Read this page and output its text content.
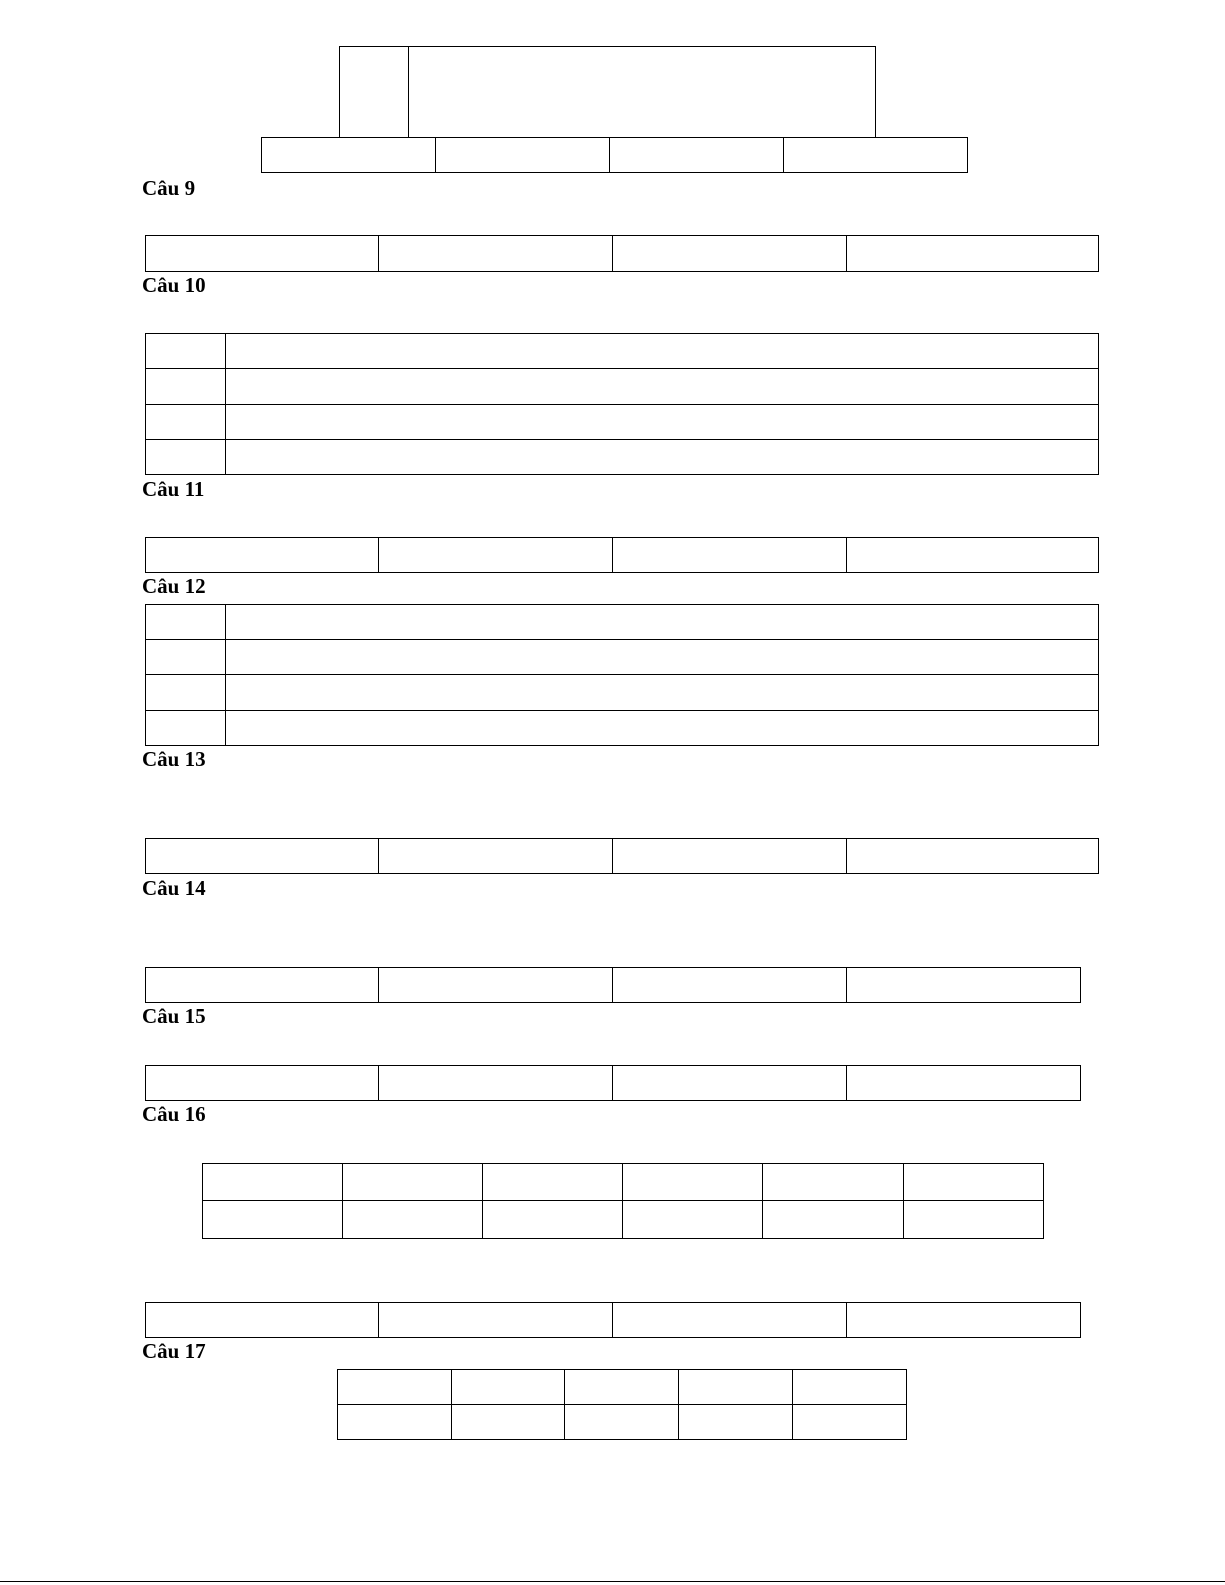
Câu 9
Câu 10
Câu 11
Câu 12
Câu 13
Câu 14
Câu 15
Câu 16
Câu 17
